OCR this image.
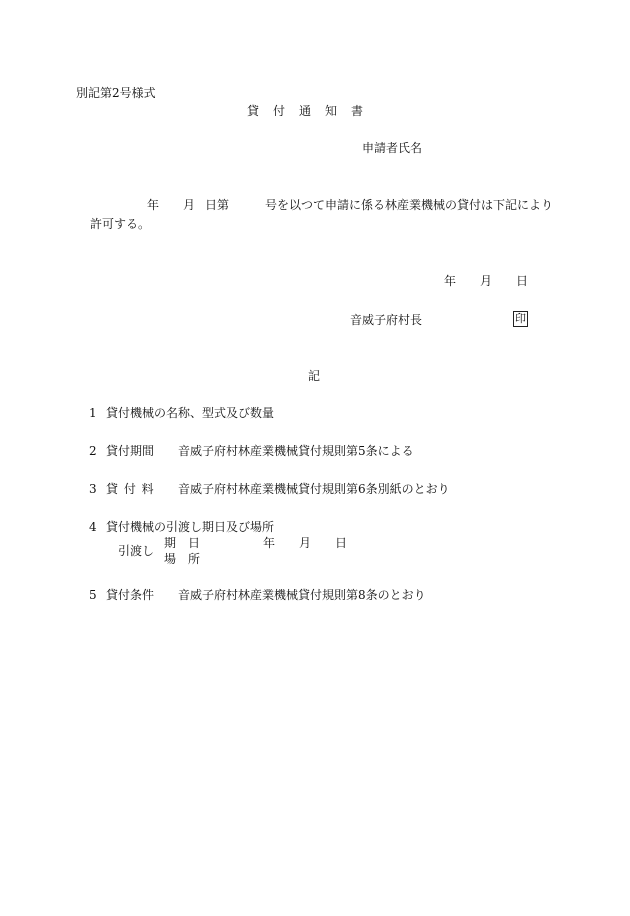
別記第2号様式
貸　付　通　知　書
申請者氏名
年 月 日第	号を以つて申請に係る林産業機械の貸付は下記により
許可する。
年 月 日
音威子府村長	印
記
1 貸付機械の名称、型式及び数量
2 貸付期間 音威子府村林産業機械貸付規則第5条による
3 貸 付 料 音威子府村林産業機械貸付規則第6条別紙のとおり
4 貸付機械の引渡し期日及び場所
引渡し
期　日
場　所
年 月 日
5 貸付条件 音威子府村林産業機械貸付規則第8条のとおり
